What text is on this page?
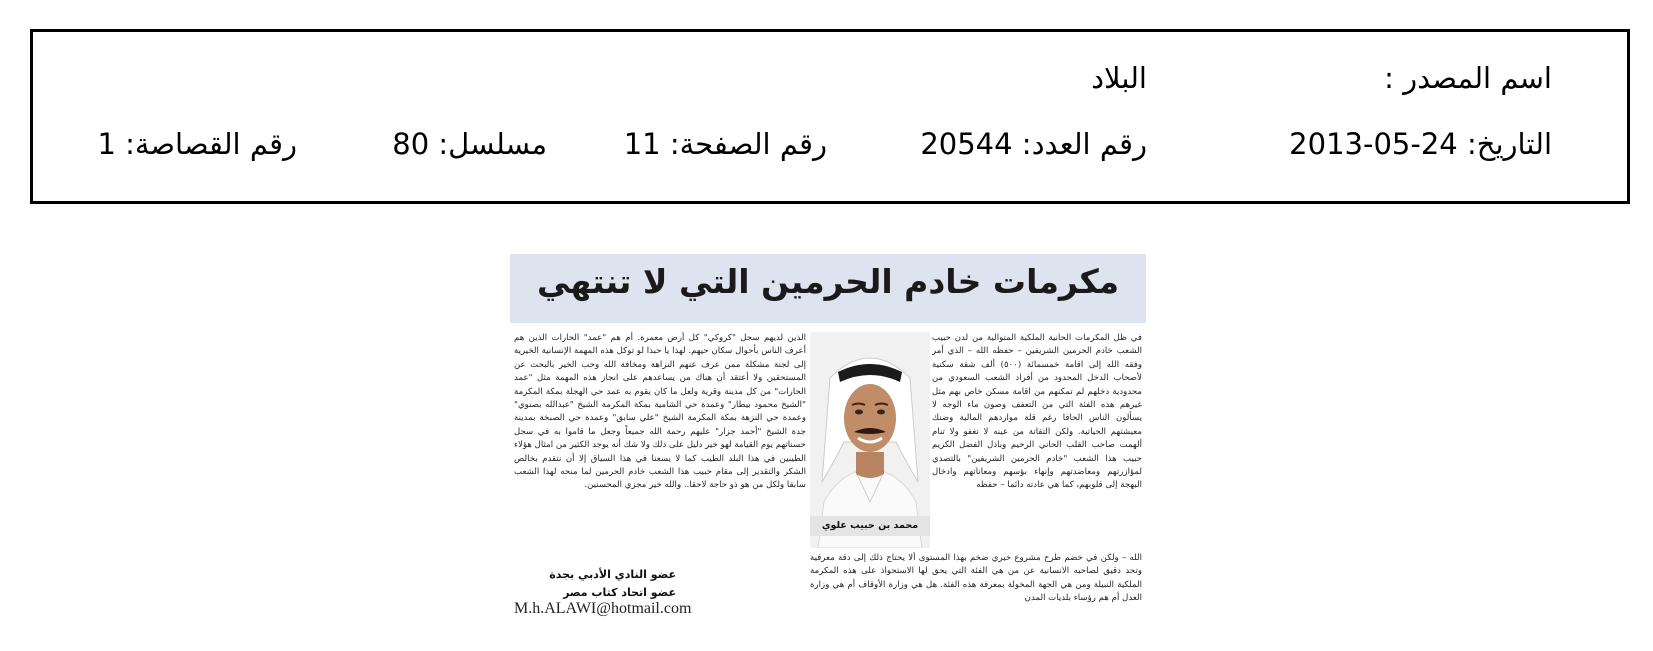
اسم المصدر :
البلاد
التاريخ: 24-05-2013
رقم العدد: 20544
رقم الصفحة: 11
مسلسل: 80
رقم القصاصة: 1
مكرمات خادم الحرمين التي لا تنتهي
في ظل المكرمات الحانية الملكية المتوالية من لدن حبيب الشعب خادم الحرمين الشريفين – حفظه الله – الذي أمر وفقه الله إلى اقامة خمسمائة (٥٠٠) ألف شقة سكنية لأصحاب الدخل المحدود من أفراد الشعب السعودي من محدودية دخلهم لم تمكنهم من اقامة مسكن خاص بهم مثل غيرهم هذه الفئة التي من التعفف وصون ماء الوجه لا يسألون الناس الحافا رغم قلة مواردهم المالية وضنك معيشتهم الحياتية. ولكن التقاتة من عينه لا تغفو ولا تنام ألهمت صاحب القلب الحاني الرحيم وباذل الفضل الكريم حبيب هذا الشعب "خادم الحرمين الشريفين" بالتصدي لمؤازرتهم ومعاضدتهم وإنهاء بؤسهم ومعاناتهم وادخال البهجة إلى قلوبهم، كما هي عادته دائما – حفظه
محمد بن حبيب علوي
الله – ولكن في خضم طرح مشروع خيري ضخم بهذا المستوى ألا يحتاج ذلك إلى دقة معرفية وتحد دقيق لصاحبه الانسانية عن من هي الفئة التي يحق لها الاستحواذ على هذه المكرمة الملكية النبيلة ومن هي الجهة المخولة بمعرفة هذه الفئة. هل هي وزارة الأوقاف أم هي وزارة العدل أم هم رؤساء بلديات المدن
الذين لديهم سجل "كروكي" كل أرض معمرة. أم هم "عمد" الحارات الذين هم أعرف الناس بأحوال سكان حيهم. لهذا يا حبذا لو توكل هذه المهمة الإنسانية الخيرية إلى لجنة مشكلة ممن عرف عنهم النزاهة ومخافة الله وحب الخير بالبحث عن المستحقين ولا أعتقد أن هناك من يساعدهم على انجاز هذه المهمة مثل "عمد الحارات" من كل مدينة وقرية ولعل ما كان يقوم به عمد حي الهجلة بمكة المكرمة "الشيخ محمود بيطار" وعمدة حي الشامية بمكة المكرمة الشيخ "عبدالله بصنوي" وعمدة حي النزهة بمكة المكرمة الشيخ "علي سابق" وعمدة حي الصبخة بمدينة جدة الشيخ "أحمد جزار" عليهم رحمة الله جميعاً وجعل ما قاموا به في سجل حسناتهم يوم القيامة لهو خير دليل على ذلك ولا شك أنه يوجد الكثير من امثال هؤلاء الطيبين في هذا البلد الطيب كما لا يسعنا في هذا السياق إلا أن نتقدم بخالص الشكر والتقدير إلى مقام حبيب هذا الشعب خادم الحرمين لما منحه لهذا الشعب سابقا ولكل من هو ذو حاجة لاحقا.. والله خير مجزي المحسنين.
عضو النادي الأدبي بجدة
عضو اتحاد كتاب مصر
M.h.ALAWI@hotmail.com
